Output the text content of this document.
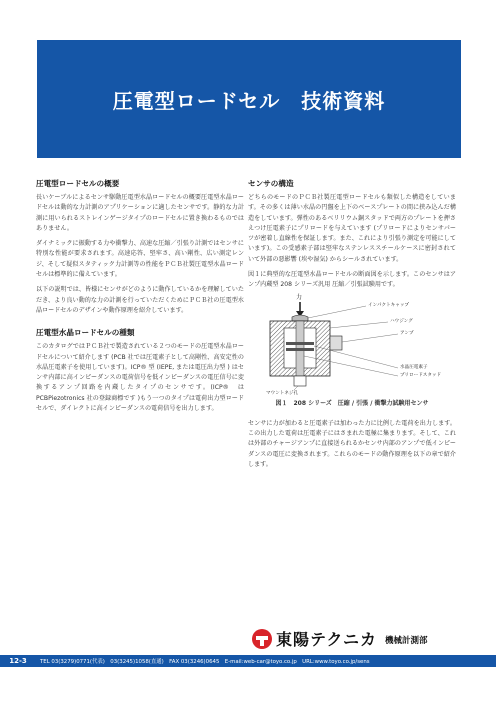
圧電型ロードセル　技術資料
圧電型ロードセルの概要

長いケーブルによるセンサ駆動圧電型水晶ロードセルの概要圧電型水晶ロードセルは動的な力計測のアプリケーションに適したセンサです。静的な力計測に用いられるストレインゲージタイプのロードセルに置き換わるものではありません。

ダイナミックに振動する力や衝撃力、高速な圧縮／引張り計測ではセンサに特別な性能が要求されます。高速応答、堅牢さ、高い剛性、広い測定レンジ、そして疑似スタティック力計測等の性能をＰＣＢ社製圧電型水晶ロードセルは標準的に備えています。

以下の説明では、皆様にセンサがどのように動作しているかを理解していただき、より良い動的な力の計測を行っていただくためにＰＣＢ社の圧電型水晶ロードセルのデザインや動作原理を紹介しています。

圧電型水晶ロードセルの種類

このカタログではＰＣＢ社で製造されている２つのモードの圧電型水晶ロードセルについて紹介します (PCB 社では圧電素子として高剛性、高安定性の水晶圧電素子を使用しています)。ICP® 型 (IEPE, または電圧出力型 ) はセンサ内部に高インピーダンスの電荷信号を低インピーダンスの電圧信号に変換するアンプ回路を内蔵したタイプのセンサです。(ICP®　は PCBPiezotronics 社の登録商標です )もう一つのタイプは電荷出力型ロードセルで、ダイレクトに高インピーダンスの電荷信号を出力します。

センサの構造

どちらのモードのＰＣＢ社製圧電型ロードセルも類似した構造をしています。その多くは薄い水晶の円盤を上下のベースプレートの間に挟み込んだ構造をしています。弾性のあるベリリウム銅スタッドで両方のプレートを押さえつけ圧電素子にプリロードを与えています (プリロードによりセンサパーツが密着し直線性を保証します。また、これにより引張り測定を可能にしています)。この受感素子部は堅牢なステンレススチールケースに密封されていて外部の悪影響 (埃や湿気) からシールされています。

図１に典型的な圧電型水晶ロードセルの断面図を示します。このセンサはアンプ内蔵型 208 シリーズ汎用 圧縮／引張試験用です。

力
インパクトキャップ
ハウジング
アンプ
水晶圧電素子
プリロードスタッド
マウントネジ孔
図１　208 シリーズ　圧縮 / 引張 / 衝撃力試験用センサ

センサに力が加わると圧電素子は加わった力に比例した電荷を出力します。この出力した電荷は圧電素子にはさまれた電極に集まります。そして、これは外部のチャージアンプに直接送られるかセンサ内部のアンプで低インピーダンスの電圧に変換されます。これらのモードの動作原理を以下の章で紹介します。

東陽テクニカ 機械計測部
12-3	TEL 03(3279)0771(代表)　03(3245)1058(直通)　FAX 03(3246)0645　E-mail:web-car@toyo.co.jp　URL:www.toyo.co.jp/sens
